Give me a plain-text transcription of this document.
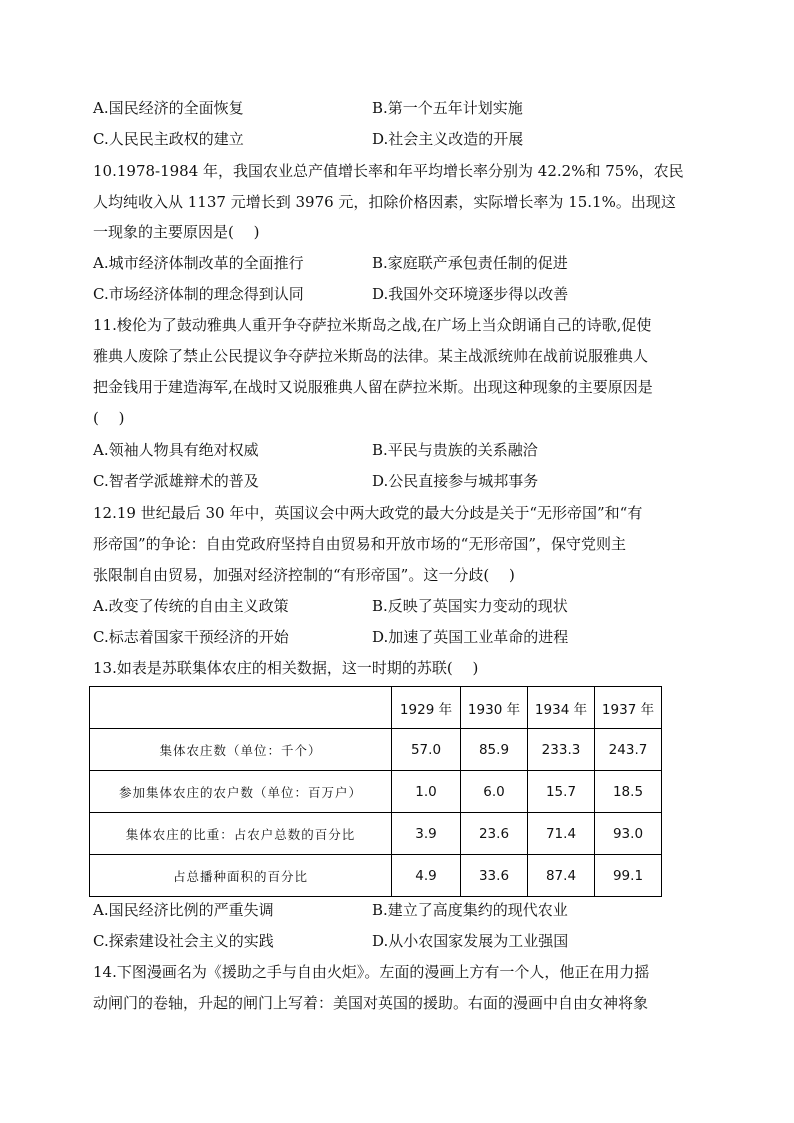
A.国民经济的全面恢复	B.第一个五年计划实施
C.人民民主政权的建立	D.社会主义改造的开展
10.1978-1984 年，我国农业总产值增长率和年平均增长率分别为 42.2%和 75%，农民
人均纯收入从 1137 元增长到 3976 元，扣除价格因素，实际增长率为 15.1%。出现这
一现象的主要原因是(　 )
A.城市经济体制改革的全面推行	B.家庭联产承包责任制的促进
C.市场经济体制的理念得到认同	D.我国外交环境逐步得以改善
11.梭伦为了鼓动雅典人重开争夺萨拉米斯岛之战,在广场上当众朗诵自己的诗歌,促使
雅典人废除了禁止公民提议争夺萨拉米斯岛的法律。某主战派统帅在战前说服雅典人
把金钱用于建造海军,在战时又说服雅典人留在萨拉米斯。出现这种现象的主要原因是
(　 )
A.领袖人物具有绝对权威	B.平民与贵族的关系融洽
C.智者学派雄辩术的普及	D.公民直接参与城邦事务
12.19 世纪最后 30 年中，英国议会中两大政党的最大分歧是关于“无形帝国”和“有
形帝国”的争论：自由党政府坚持自由贸易和开放市场的“无形帝国”，保守党则主
张限制自由贸易，加强对经济控制的“有形帝国”。这一分歧(　 )
A.改变了传统的自由主义政策	B.反映了英国实力变动的现状
C.标志着国家干预经济的开始	D.加速了英国工业革命的进程
13.如表是苏联集体农庄的相关数据，这一时期的苏联(　 )
	1929 年	1930 年	1934 年	1937 年
集体农庄数（单位：千个）	57.0	85.9	233.3	243.7
参加集体农庄的农户数（单位：百万户）	1.0	6.0	15.7	18.5
集体农庄的比重：占农户总数的百分比	3.9	23.6	71.4	93.0
占总播种面积的百分比	4.9	33.6	87.4	99.1
A.国民经济比例的严重失调	B.建立了高度集约的现代农业
C.探索建设社会主义的实践	D.从小农国家发展为工业强国
14.下图漫画名为《援助之手与自由火炬》。左面的漫画上方有一个人，他正在用力摇
动闸门的卷轴，升起的闸门上写着：美国对英国的援助。右面的漫画中自由女神将象
